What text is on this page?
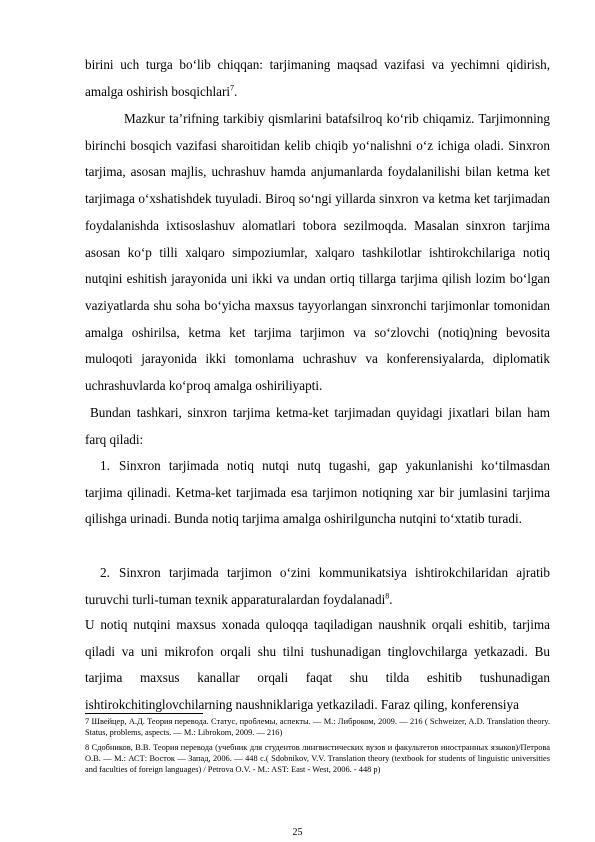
birini uch turga bo‘lib chiqqan: tarjimaning maqsad vazifasi va yechimni qidirish, amalga oshirish bosqichlari$^7$.

Mazkur ta’rifning tarkibiy qismlarini batafsilroq ko‘rib chiqamiz. Tarjimonning birinchi bosqich vazifasi sharoitidan kelib chiqib yo‘nalishni o‘z ichiga oladi. Sinxron tarjima, asosan majlis, uchrashuv hamda anjumanlarda foydalanilishi bilan ketma ket tarjimaga o‘xshatishdek tuyuladi. Biroq so‘ngi yillarda sinxron va ketma ket tarjimadan foydalanishda ixtisoslashuv alomatlari tobora sezilmoqda. Masalan sinxron tarjima asosan ko‘p tilli xalqaro simpoziumlar, xalqaro tashkilotlar ishtirokchilariga notiq nutqini eshitish jarayonida uni ikki va undan ortiq tillarga tarjima qilish lozim bo‘lgan vaziyatlarda shu soha bo‘yicha maxsus tayyorlangan sinxronchi tarjimonlar tomonidan amalga oshirilsa, ketma ket tarjima tarjimon va so‘zlovchi (notiq)ning bevosita muloqoti jarayonida ikki tomonlama uchrashuv va konferensiyalarda, diplomatik uchrashuvlarda ko‘proq amalga oshiriliyapti.

Bundan tashkari, sinxron tarjima ketma-ket tarjimadan quyidagi jixatlari bilan ham farq qiladi:

1. Sinxron tarjimada notiq nutqi nutq tugashi, gap yakunlanishi ko‘tilmasdan tarjima qilinadi. Ketma-ket tarjimada esa tarjimon notiqning xar bir jumlasini tarjima qilishga urinadi. Bunda notiq tarjima amalga oshirilguncha nutqini to‘xtatib turadi.

2. Sinxron tarjimada tarjimon o‘zini kommunikatsiya ishtirokchilaridan ajratib turuvchi turli-tuman texnik apparaturalardan foydalanadi$^8$.

U notiq nutqini maxsus xonada quloqqa taqiladigan naushnik orqali eshitib, tarjima qiladi va uni mikrofon orqali shu tilni tushunadigan tinglovchilarga yetkazadi. Bu tarjima maxsus kanallar orqali faqat shu tilda eshitib tushunadigan ishtirokchitinglovchilarning naushniklariga yetkaziladi. Faraz qiling, konferensiya

7 Швейцер, А.Д. Теория перевода. Статус, проблемы, аспекты. — М.: Либроком, 2009. — 216 ( Schweizer, A.D. Translation theory. Status, problems, aspects. — M.: Librokom, 2009. — 216)

8 Сдобников, В.В. Теория перевода (учебник для студентов лингвистических вузов и факультетов иностранных языков)/Петрова О.В. — М.: АСТ: Восток — Запад, 2006. — 448 с.( Sdobnikov, V.V. Translation theory (textbook for students of linguistic universities and faculties of foreign languages) / Petrova O.V. - M.: AST: East - West, 2006. - 448 p)

25
